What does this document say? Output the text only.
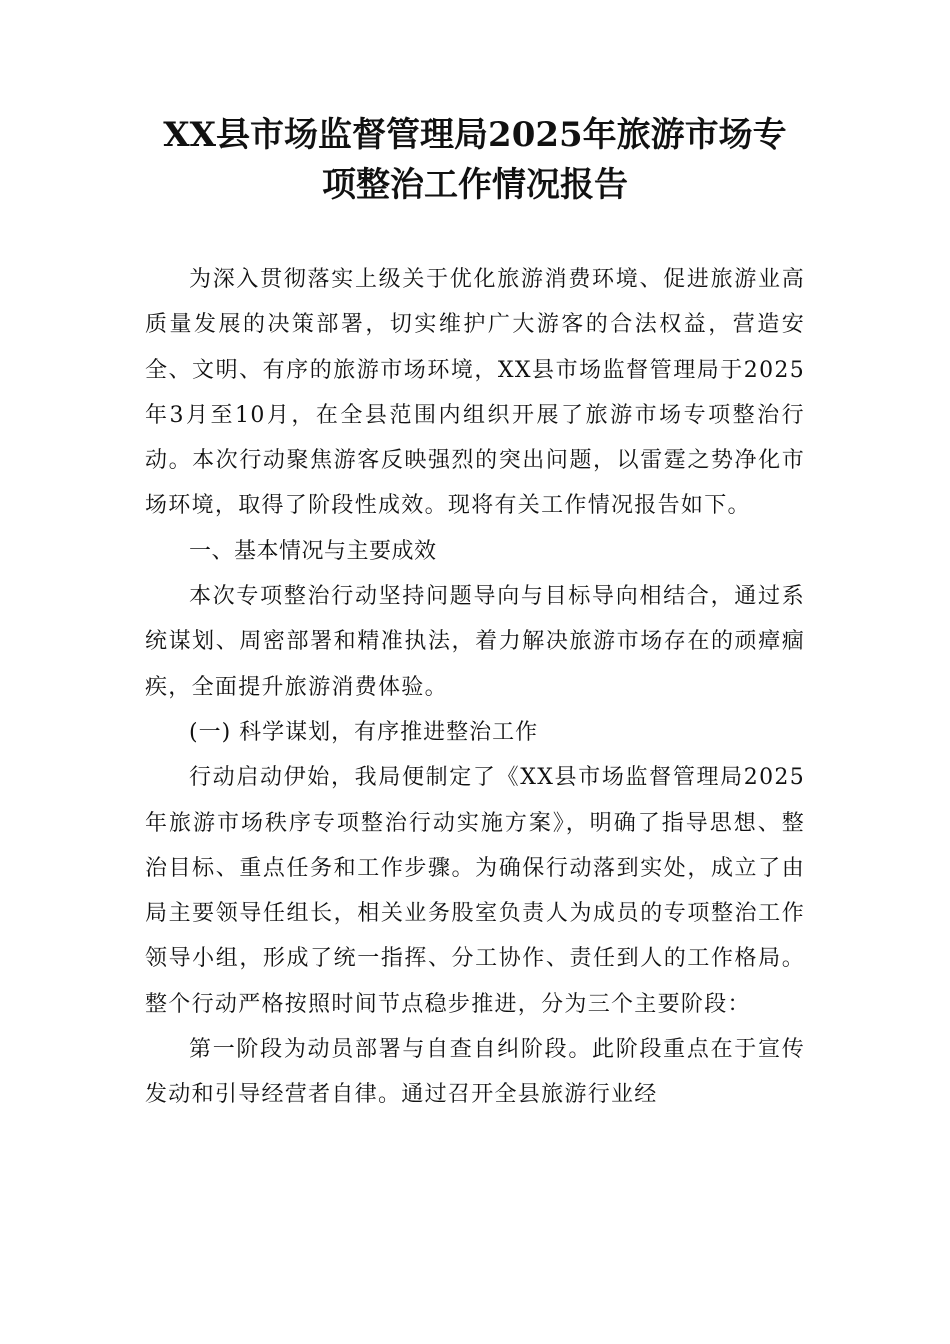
XX县市场监督管理局2025年旅游市场专
项整治工作情况报告

为深入贯彻落实上级关于优化旅游消费环境、促进旅游业高质量发展的决策部署，切实维护广大游客的合法权益，营造安全、文明、有序的旅游市场环境，XX县市场监督管理局于2025年3月至10月，在全县范围内组织开展了旅游市场专项整治行动。本次行动聚焦游客反映强烈的突出问题，以雷霆之势净化市场环境，取得了阶段性成效。现将有关工作情况报告如下。

一、基本情况与主要成效

本次专项整治行动坚持问题导向与目标导向相结合，通过系统谋划、周密部署和精准执法，着力解决旅游市场存在的顽瘴痼疾，全面提升旅游消费体验。

(一) 科学谋划，有序推进整治工作

行动启动伊始，我局便制定了《XX县市场监督管理局2025年旅游市场秩序专项整治行动实施方案》，明确了指导思想、整治目标、重点任务和工作步骤。为确保行动落到实处，成立了由局主要领导任组长，相关业务股室负责人为成员的专项整治工作领导小组，形成了统一指挥、分工协作、责任到人的工作格局。整个行动严格按照时间节点稳步推进，分为三个主要阶段：

第一阶段为动员部署与自查自纠阶段。此阶段重点在于宣传发动和引导经营者自律。通过召开全县旅游行业经
